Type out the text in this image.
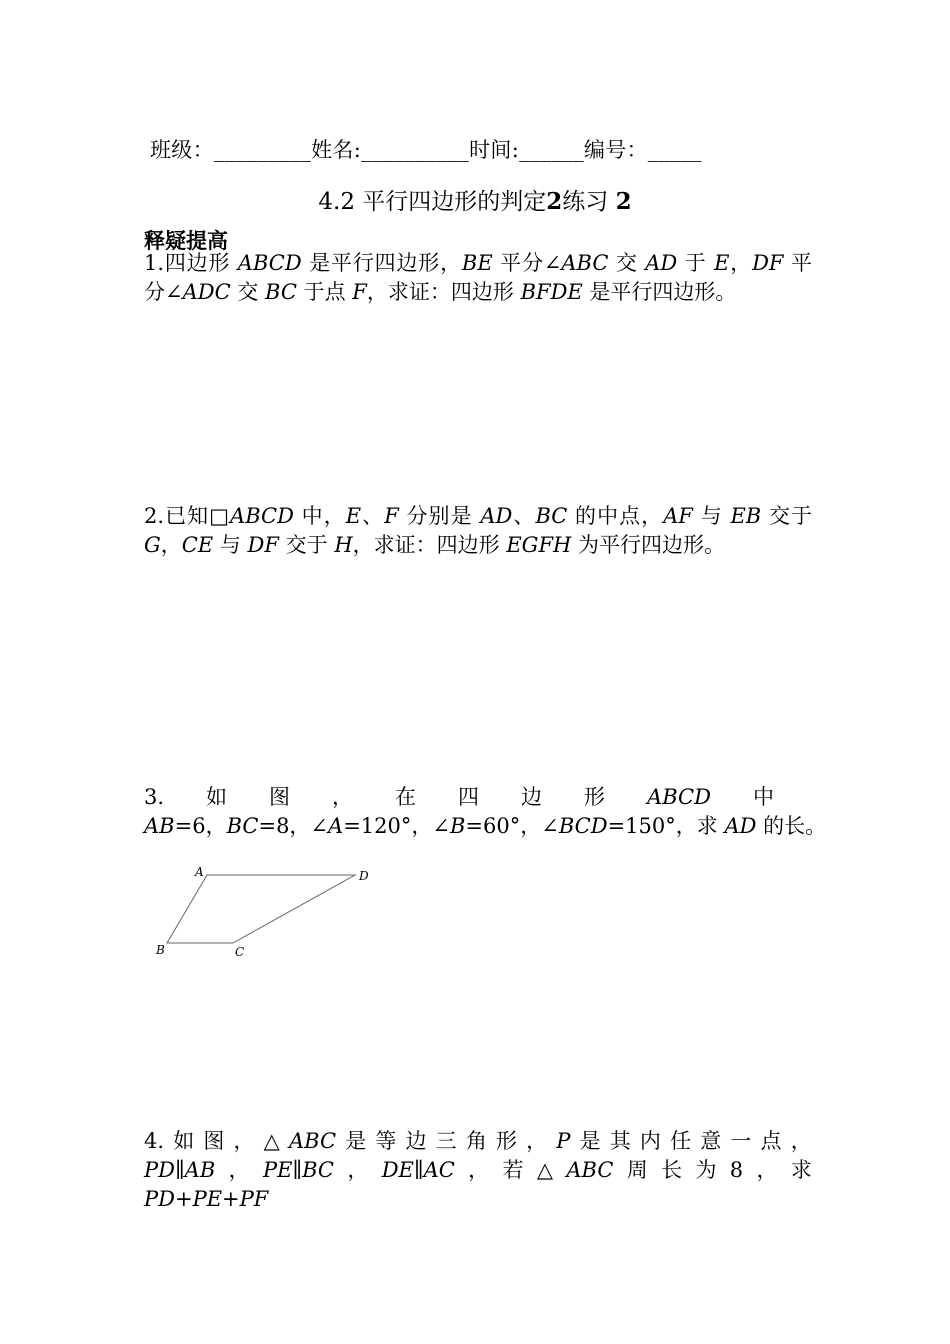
班级：_________姓名:__________时间:______编号：_____
4.2 平行四边形的判定2练习 2
释疑提高
1.四边形 ABCD 是平行四边形，BE 平分∠ABC 交 AD 于 E，DF 平分∠ADC 交 BC 于点 F，求证：四边形 BFDE 是平行四边形。
2.已知□ABCD 中，E、F 分别是 AD、BC 的中点，AF 与 EB 交于 G，CE 与 DF 交于 H，求证：四边形 EGFH 为平行四边形。
3. 如 图 ， 在 四 边 形 ABCD 中
AB=6，BC=8，∠A=120°，∠B=60°，∠BCD=150°，求 AD 的长。
A	D
B	C
4. 如 图 ， △ ABC 是 等 边 三 角 形 ， P 是 其 内 任 意 一 点 ，
PD∥AB ， PE∥BC ， DE∥AC ， 若 △ ABC 周 长 为 8 ， 求
PD+PE+PF
